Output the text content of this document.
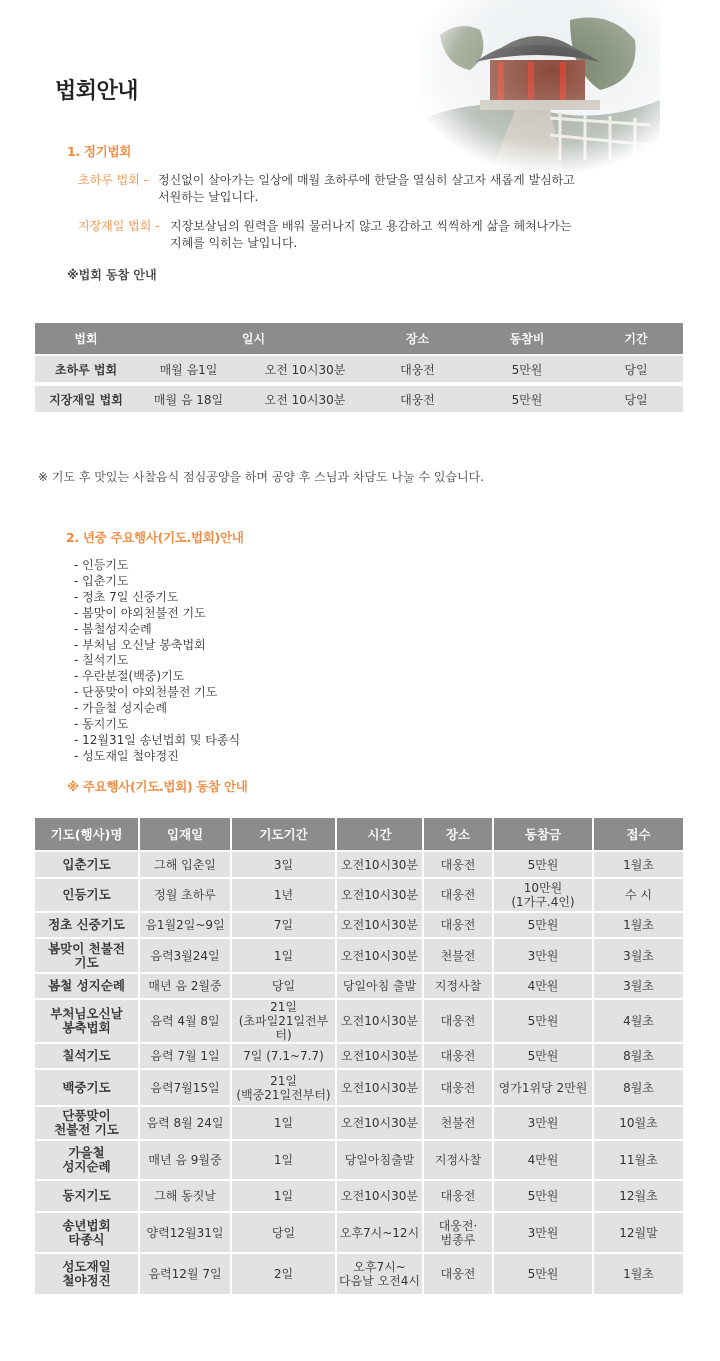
법회안내
1. 정기법회
초하루 법회 - 정신없이 살아가는 일상에 매월 초하루에 한달을 열심히 살고자 새롭게 발심하고
서원하는 날입니다.
지장재일 법회 - 지장보살님의 원력을 배워 물러나지 않고 용감하고 씩씩하게 삶을 헤쳐나가는
지혜를 익히는 날입니다.
※법회 동참 안내
법회	일시		장소	동참비	기간
초하루 법회	매월 음1일	오전 10시30분	대웅전	5만원	당일
지장재일 법회	매월 음 18일	오전 10시30분	대웅전	5만원	당일
※ 기도 후 맛있는 사찰음식 점심공양을 하며 공양 후 스님과 차담도 나눌 수 있습니다.
2. 년중 주요행사(기도.법회)안내
- 인등기도
- 입춘기도
- 정초 7일 신중기도
- 봄맞이 야외천불전 기도
- 봄철성지순례
- 부처님 오신날 봉축법회
- 칠석기도
- 우란분절(백중)기도
- 단풍맞이 야외천불전 기도
- 가을철 성지순례
- 동지기도
- 12월31일 송년법회 및 타종식
- 성도재일 철야정진
※ 주요행사(기도.법회) 동참 안내
기도(행사)명	입재일	기도기간	시간	장소	동참금	접수

입춘기도	그해 입춘일	3일	오전10시30분	대웅전	5만원	1월초

인등기도	정월 초하루	1년	오전10시30분	대웅전	10만원
(1가구.4인)	수 시

정초 신중기도	음1월2일~9일	7일	오전10시30분	대웅전	5만원	1월초

봄맞이 천불전
기도	음력3월24일	1일	오전10시30분	천불전	3만원	3월초

봄철 성지순례	매년 음 2월중	당일	당일아침 출발	지정사찰	4만원	3월초

부처님오신날
봉축법회	음력 4월 8일	21일
(초파일21일전부터)	오전10시30분	대웅전	5만원	4월초

칠석기도	음력 7월 1일	7일 (7.1~7.7)	오전10시30분	대웅전	5만원	8월초

백중기도	음력7월15일	21일
(백중21일전부터)	오전10시30분	대웅전	영가1위당 2만원	8월초

단풍맞이
천불전 기도	음력 8월 24일	1일	오전10시30분	천불전	3만원	10월초

가을철
성지순례	매년 음 9월중	1일	당일아침출발	지정사찰	4만원	11월초

동지기도	그해 동짓날	1일	오전10시30분	대웅전	5만원	12월초

송년법회
타종식	양력12월31일	당일	오후7시~12시	대웅전·
범종루	3만원	12월말

성도재일
철야정진	음력12월 7일	2일	오후7시~
다음날 오전4시	대웅전	5만원	1월초
